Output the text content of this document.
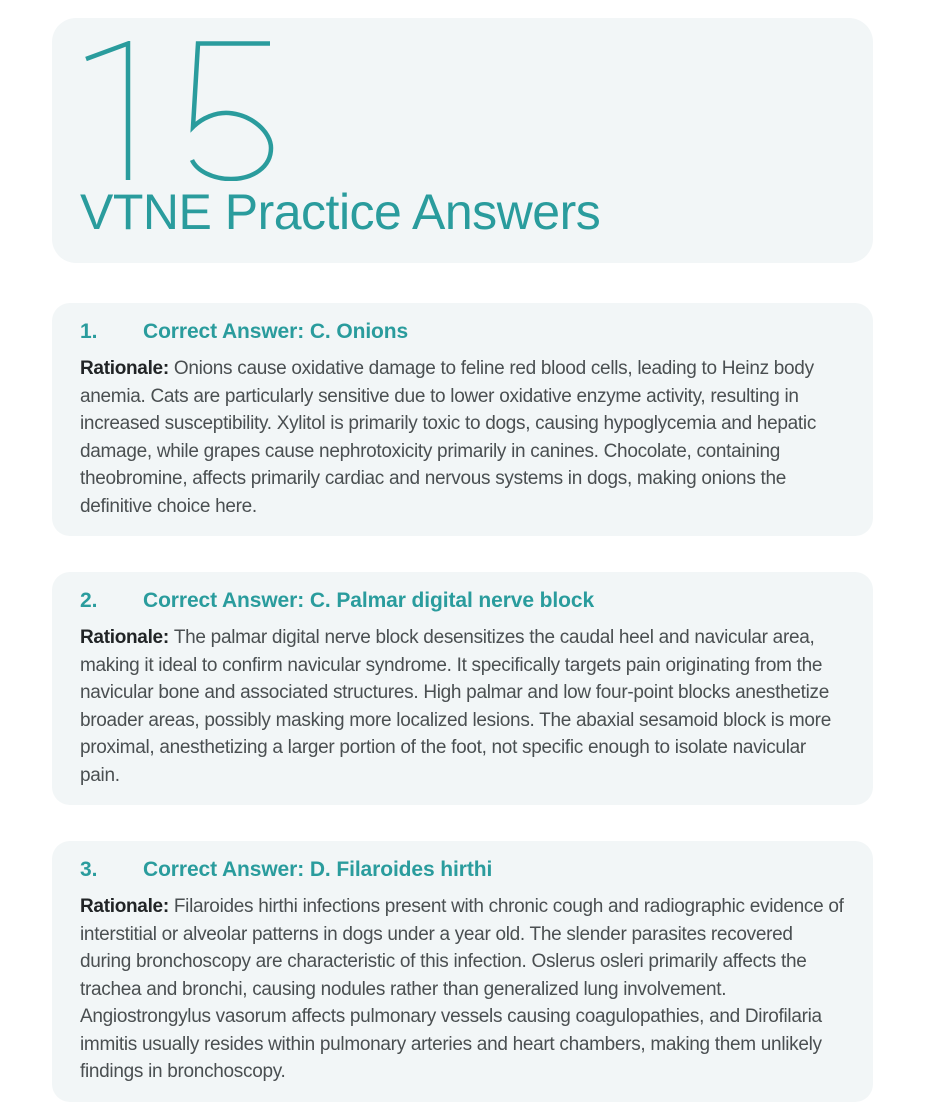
VTNE Practice Answers
1. Correct Answer: C. Onions

Rationale: Onions cause oxidative damage to feline red blood cells, leading to Heinz body anemia. Cats are particularly sensitive due to lower oxidative enzyme activity, resulting in increased susceptibility. Xylitol is primarily toxic to dogs, causing hypoglycemia and hepatic damage, while grapes cause nephrotoxicity primarily in canines. Chocolate, containing theobromine, affects primarily cardiac and nervous systems in dogs, making onions the definitive choice here.

2. Correct Answer: C. Palmar digital nerve block

Rationale: The palmar digital nerve block desensitizes the caudal heel and navicular area, making it ideal to confirm navicular syndrome. It specifically targets pain originating from the navicular bone and associated structures. High palmar and low four-point blocks anesthetize broader areas, possibly masking more localized lesions. The abaxial sesamoid block is more proximal, anesthetizing a larger portion of the foot, not specific enough to isolate navicular pain.

3. Correct Answer: D. Filaroides hirthi

Rationale: Filaroides hirthi infections present with chronic cough and radiographic evidence of interstitial or alveolar patterns in dogs under a year old. The slender parasites recovered during bronchoscopy are characteristic of this infection. Oslerus osleri primarily affects the trachea and bronchi, causing nodules rather than generalized lung involvement. Angiostrongylus vasorum affects pulmonary vessels causing coagulopathies, and Dirofilaria immitis usually resides within pulmonary arteries and heart chambers, making them unlikely findings in bronchoscopy.
